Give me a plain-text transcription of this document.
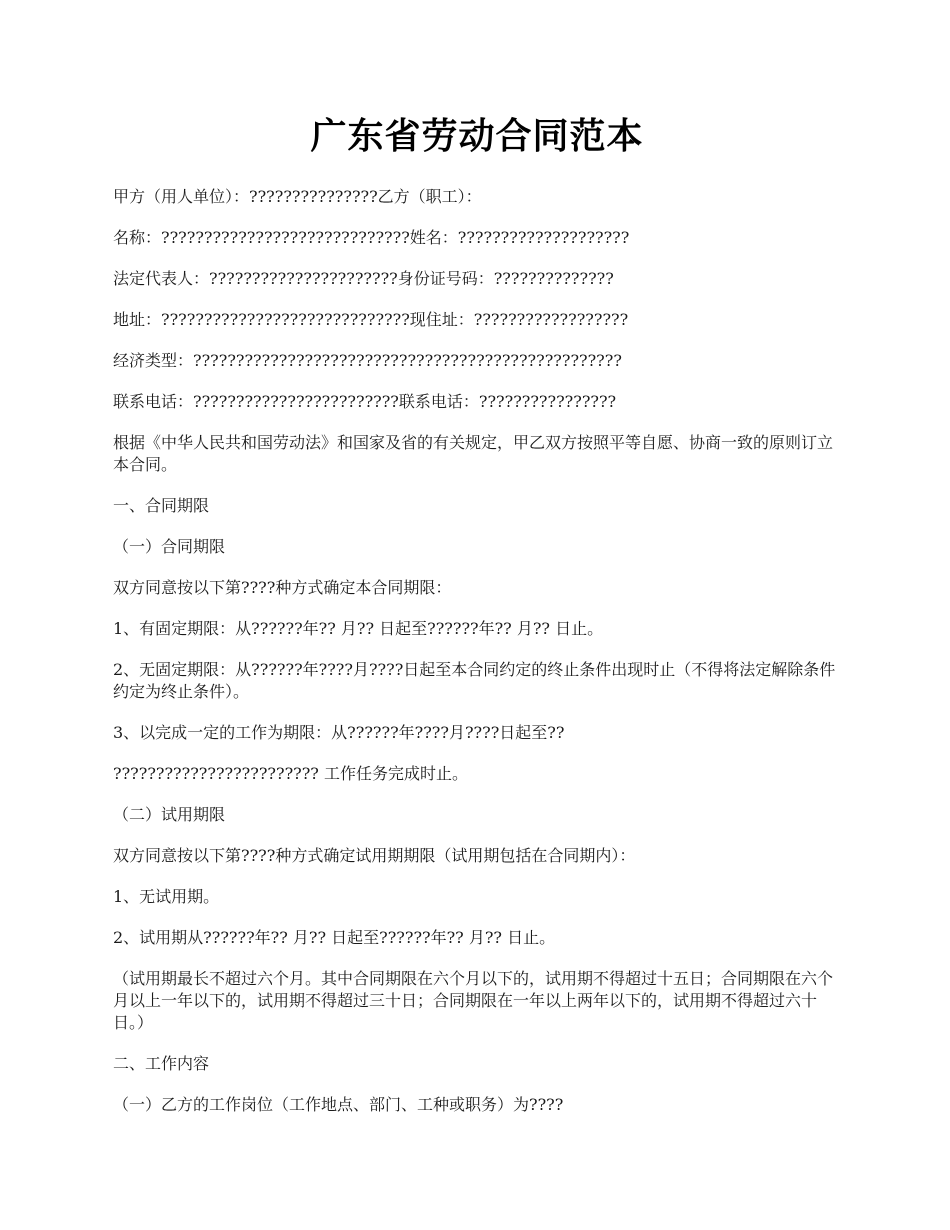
广东省劳动合同范本

甲方（用人单位）：???????????????乙方（职工）：

名称：?????????????????????????????姓名：????????????????????

法定代表人：??????????????????????身份证号码：??????????????

地址：?????????????????????????????现住址：??????????????????

经济类型：??????????????????????????????????????????????????

联系电话：????????????????????????联系电话：????????????????

根据《中华人民共和国劳动法》和国家及省的有关规定，甲乙双方按照平等自愿、协商一致的原则订立本合同。

一、合同期限

（一）合同期限

双方同意按以下第????种方式确定本合同期限：

1、有固定期限：从??????年?? 月?? 日起至??????年?? 月?? 日止。

2、无固定期限：从??????年????月????日起至本合同约定的终止条件出现时止（不得将法定解除条件约定为终止条件）。

3、以完成一定的工作为期限：从??????年????月????日起至??

???????????????????????? 工作任务完成时止。

（二）试用期限

双方同意按以下第????种方式确定试用期期限（试用期包括在合同期内）：

1、无试用期。

2、试用期从??????年?? 月?? 日起至??????年?? 月?? 日止。

（试用期最长不超过六个月。其中合同期限在六个月以下的，试用期不得超过十五日；合同期限在六个月以上一年以下的，试用期不得超过三十日；合同期限在一年以上两年以下的，试用期不得超过六十日。）

二、工作内容

（一）乙方的工作岗位（工作地点、部门、工种或职务）为????
